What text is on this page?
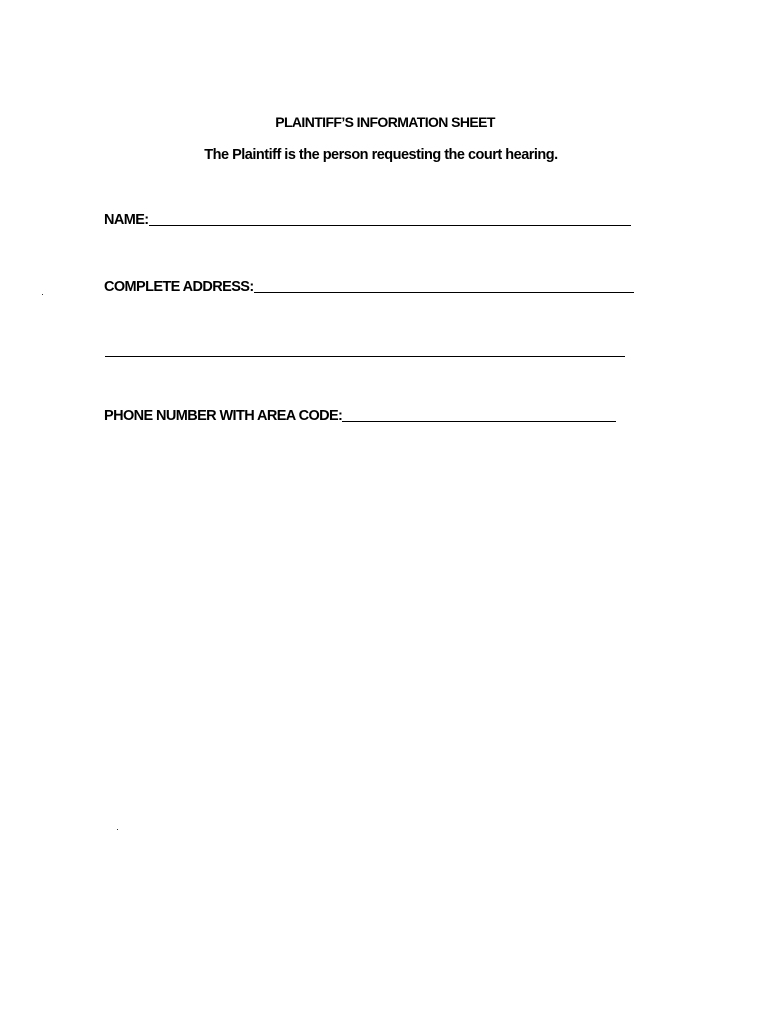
PLAINTIFF’S INFORMATION SHEET
The Plaintiff is the person requesting the court hearing.
NAME:
COMPLETE ADDRESS:
PHONE NUMBER WITH AREA CODE:
